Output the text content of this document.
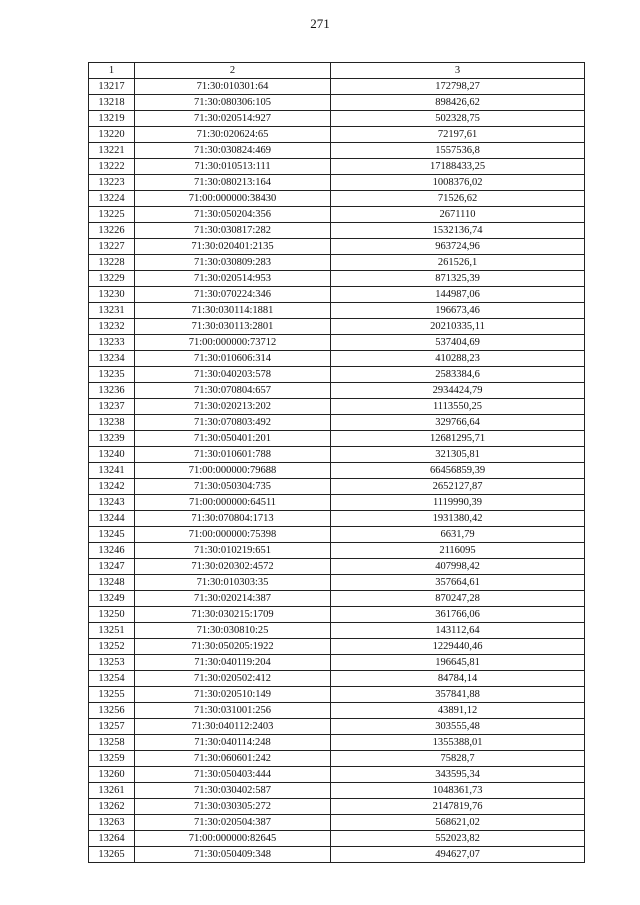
271
1	2	3
13217	71:30:010301:64	172798,27
13218	71:30:080306:105	898426,62
13219	71:30:020514:927	502328,75
13220	71:30:020624:65	72197,61
13221	71:30:030824:469	1557536,8
13222	71:30:010513:111	17188433,25
13223	71:30:080213:164	1008376,02
13224	71:00:000000:38430	71526,62
13225	71:30:050204:356	2671110
13226	71:30:030817:282	1532136,74
13227	71:30:020401:2135	963724,96
13228	71:30:030809:283	261526,1
13229	71:30:020514:953	871325,39
13230	71:30:070224:346	144987,06
13231	71:30:030114:1881	196673,46
13232	71:30:030113:2801	20210335,11
13233	71:00:000000:73712	537404,69
13234	71:30:010606:314	410288,23
13235	71:30:040203:578	2583384,6
13236	71:30:070804:657	2934424,79
13237	71:30:020213:202	1113550,25
13238	71:30:070803:492	329766,64
13239	71:30:050401:201	12681295,71
13240	71:30:010601:788	321305,81
13241	71:00:000000:79688	66456859,39
13242	71:30:050304:735	2652127,87
13243	71:00:000000:64511	1119990,39
13244	71:30:070804:1713	1931380,42
13245	71:00:000000:75398	6631,79
13246	71:30:010219:651	2116095
13247	71:30:020302:4572	407998,42
13248	71:30:010303:35	357664,61
13249	71:30:020214:387	870247,28
13250	71:30:030215:1709	361766,06
13251	71:30:030810:25	143112,64
13252	71:30:050205:1922	1229440,46
13253	71:30:040119:204	196645,81
13254	71:30:020502:412	84784,14
13255	71:30:020510:149	357841,88
13256	71:30:031001:256	43891,12
13257	71:30:040112:2403	303555,48
13258	71:30:040114:248	1355388,01
13259	71:30:060601:242	75828,7
13260	71:30:050403:444	343595,34
13261	71:30:030402:587	1048361,73
13262	71:30:030305:272	2147819,76
13263	71:30:020504:387	568621,02
13264	71:00:000000:82645	552023,82
13265	71:30:050409:348	494627,07
